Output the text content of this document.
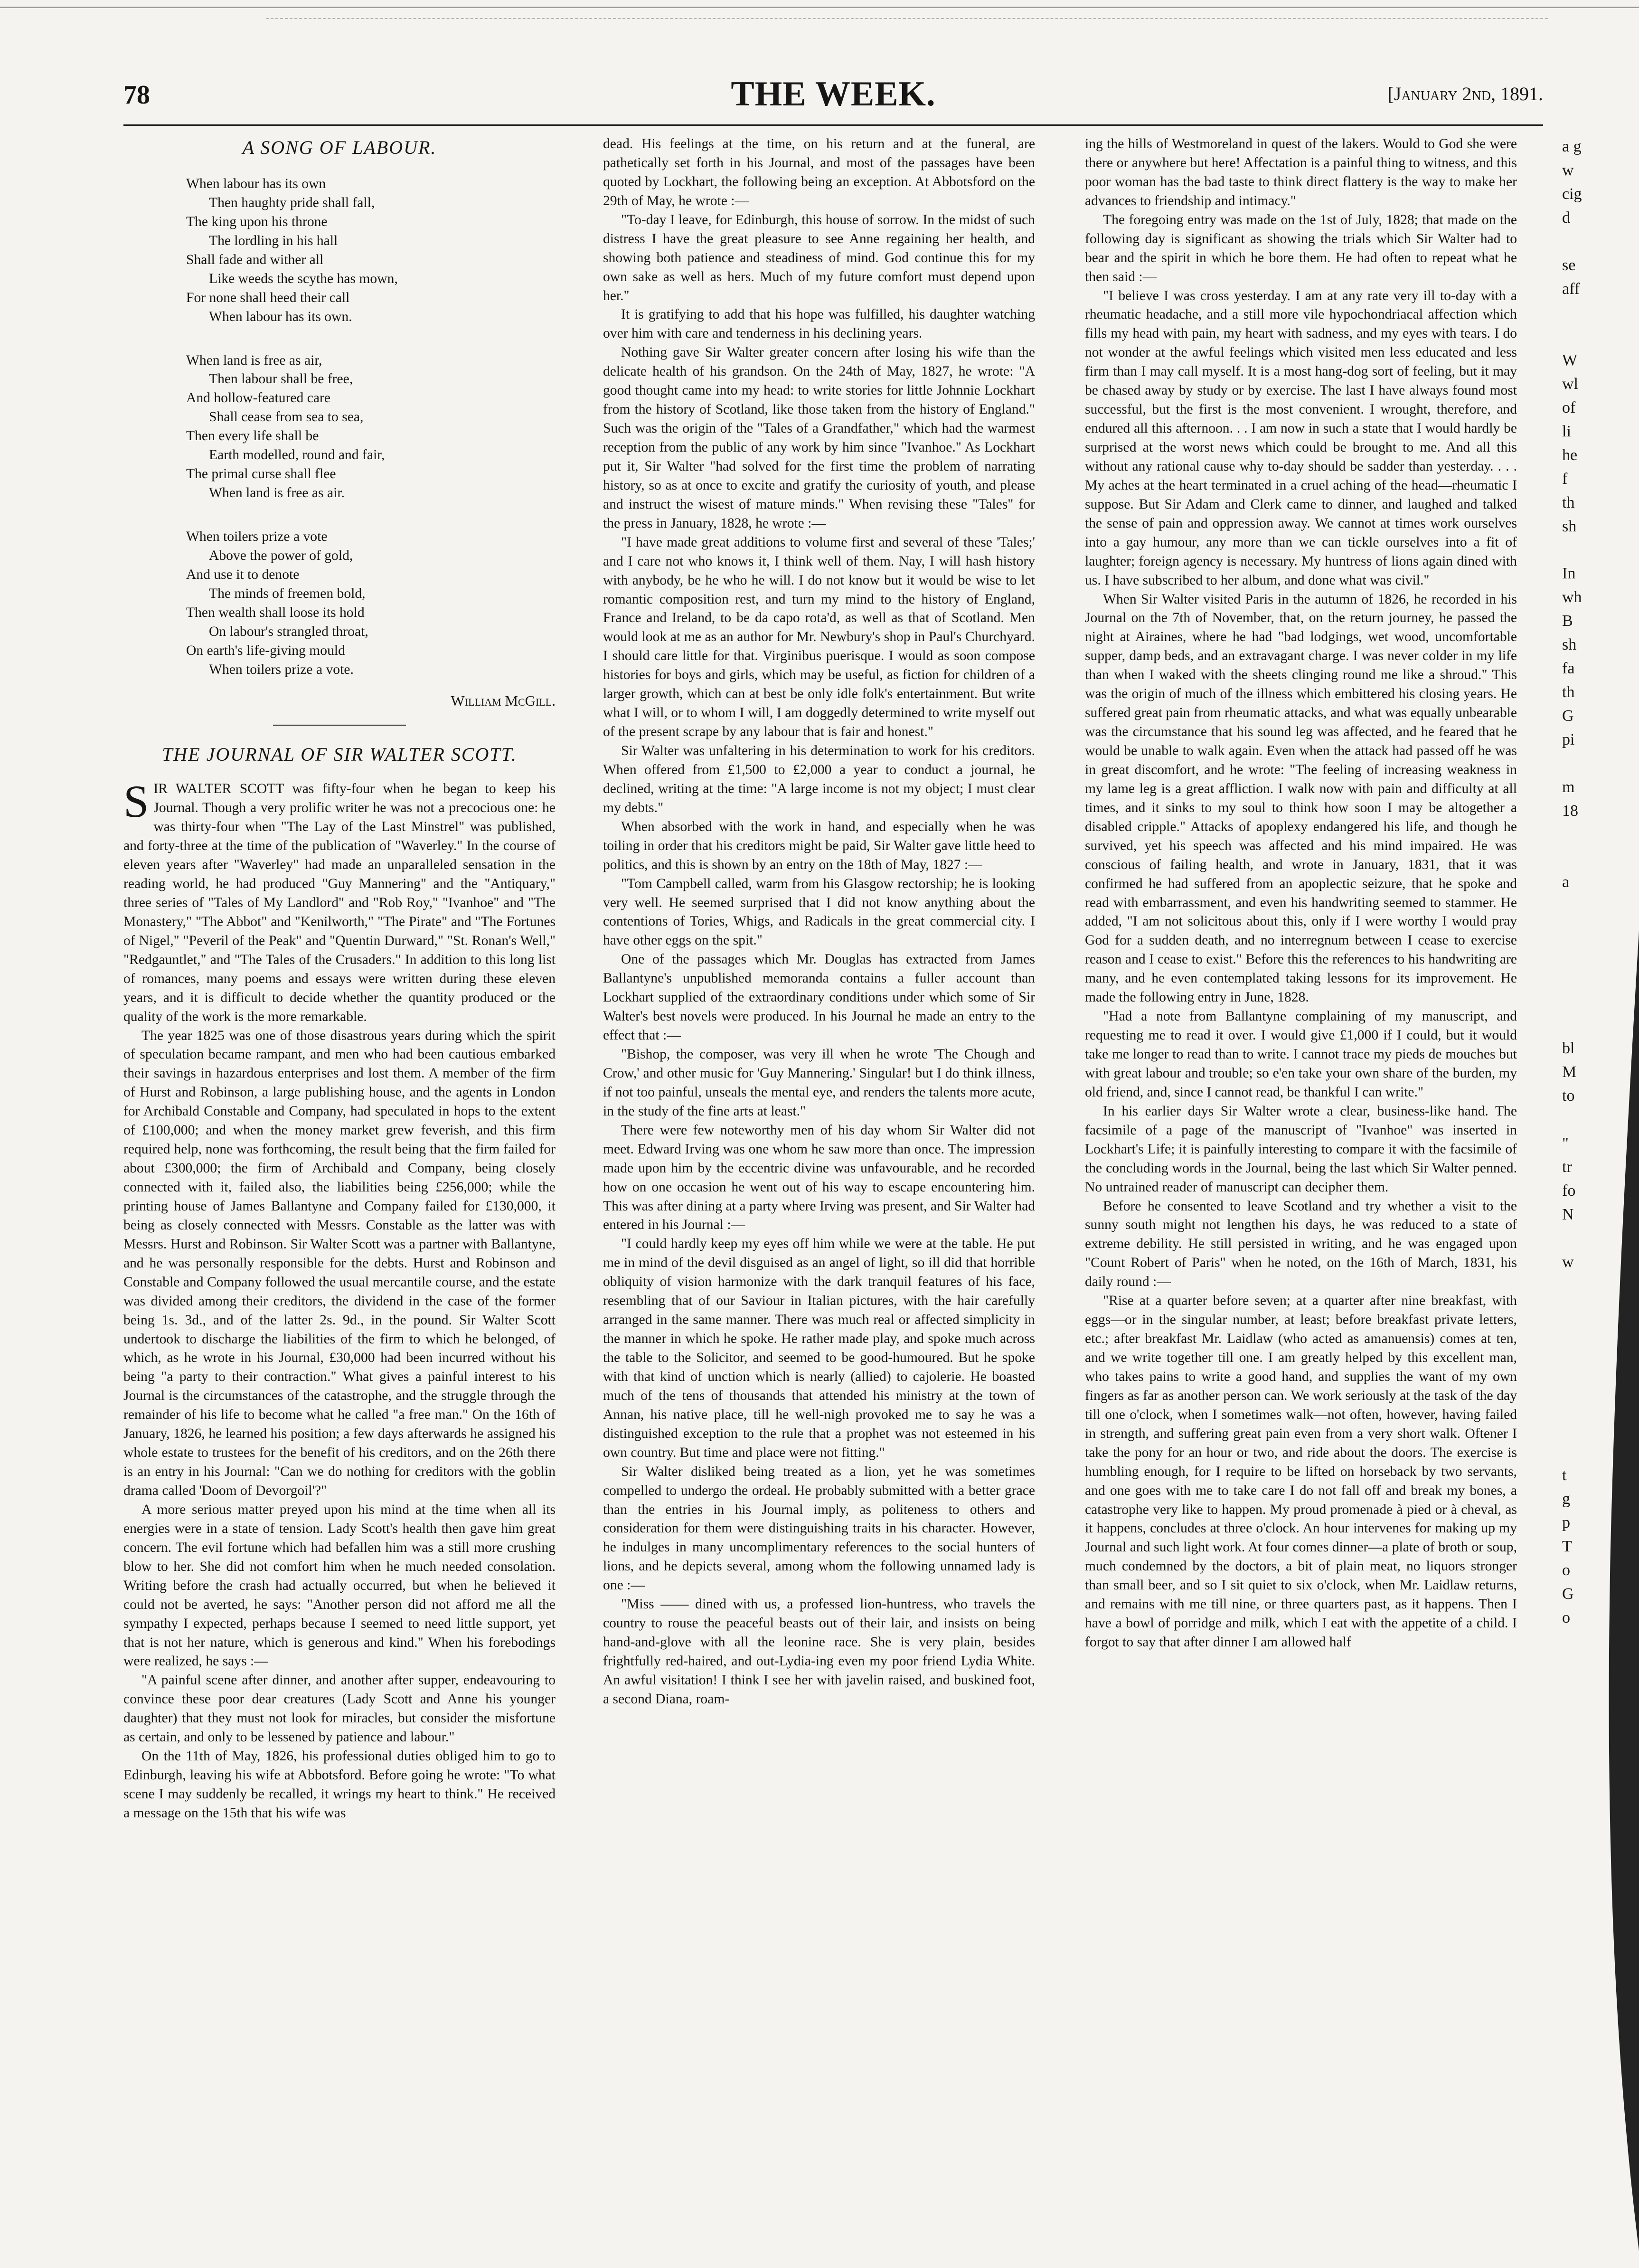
78	THE WEEK.	[January 2nd, 1891.
A SONG OF LABOUR.
When labour has its own
Then haughty pride shall fall,
The king upon his throne
The lordling in his hall
Shall fade and wither all
Like weeds the scythe has mown,
For none shall heed their call
When labour has its own.
When land is free as air,
Then labour shall be free,
And hollow-featured care
Shall cease from sea to sea,
Then every life shall be
Earth modelled, round and fair,
The primal curse shall flee
When land is free as air.
When toilers prize a vote
Above the power of gold,
And use it to denote
The minds of freemen bold,
Then wealth shall loose its hold
On labour's strangled throat,
On earth's life-giving mould
When toilers prize a vote.
William McGill.
THE JOURNAL OF SIR WALTER SCOTT.

SIR WALTER SCOTT was fifty-four when he began to keep his Journal. Though a very prolific writer he was not a precocious one: he was thirty-four when "The Lay of the Last Minstrel" was published, and forty-three at the time of the publication of "Waverley." In the course of eleven years after "Waverley" had made an unparalleled sensation in the reading world, he had produced "Guy Mannering" and the "Antiquary," three series of "Tales of My Landlord" and "Rob Roy," "Ivanhoe" and "The Monastery," "The Abbot" and "Kenilworth," "The Pirate" and "The Fortunes of Nigel," "Peveril of the Peak" and "Quentin Durward," "St. Ronan's Well," "Redgauntlet," and "The Tales of the Crusaders." In addition to this long list of romances, many poems and essays were written during these eleven years, and it is difficult to decide whether the quantity produced or the quality of the work is the more remarkable.

The year 1825 was one of those disastrous years during which the spirit of speculation became rampant, and men who had been cautious embarked their savings in hazardous enterprises and lost them. A member of the firm of Hurst and Robinson, a large publishing house, and the agents in London for Archibald Constable and Company, had speculated in hops to the extent of £100,000; and when the money market grew feverish, and this firm required help, none was forthcoming, the result being that the firm failed for about £300,000; the firm of Archibald and Company, being closely connected with it, failed also, the liabilities being £256,000; while the printing house of James Ballantyne and Company failed for £130,000, it being as closely connected with Messrs. Constable as the latter was with Messrs. Hurst and Robinson. Sir Walter Scott was a partner with Ballantyne, and he was personally responsible for the debts. Hurst and Robinson and Constable and Company followed the usual mercantile course, and the estate was divided among their creditors, the dividend in the case of the former being 1s. 3d., and of the latter 2s. 9d., in the pound. Sir Walter Scott undertook to discharge the liabilities of the firm to which he belonged, of which, as he wrote in his Journal, £30,000 had been incurred without his being "a party to their contraction." What gives a painful interest to his Journal is the circumstances of the catastrophe, and the struggle through the remainder of his life to become what he called "a free man." On the 16th of January, 1826, he learned his position; a few days afterwards he assigned his whole estate to trustees for the benefit of his creditors, and on the 26th there is an entry in his Journal: "Can we do nothing for creditors with the goblin drama called 'Doom of Devorgoil'?"

A more serious matter preyed upon his mind at the time when all its energies were in a state of tension. Lady Scott's health then gave him great concern. The evil fortune which had befallen him was a still more crushing blow to her. She did not comfort him when he much needed consolation. Writing before the crash had actually occurred, but when he believed it could not be averted, he says: "Another person did not afford me all the sympathy I expected, perhaps because I seemed to need little support, yet that is not her nature, which is generous and kind." When his forebodings were realized, he says :—

"A painful scene after dinner, and another after supper, endeavouring to convince these poor dear creatures (Lady Scott and Anne his younger daughter) that they must not look for miracles, but consider the misfortune as certain, and only to be lessened by patience and labour."

On the 11th of May, 1826, his professional duties obliged him to go to Edinburgh, leaving his wife at Abbotsford. Before going he wrote: "To what scene I may suddenly be recalled, it wrings my heart to think." He received a message on the 15th that his wife was

dead. His feelings at the time, on his return and at the funeral, are pathetically set forth in his Journal, and most of the passages have been quoted by Lockhart, the following being an exception. At Abbotsford on the 29th of May, he wrote :—

"To-day I leave, for Edinburgh, this house of sorrow. In the midst of such distress I have the great pleasure to see Anne regaining her health, and showing both patience and steadiness of mind. God continue this for my own sake as well as hers. Much of my future comfort must depend upon her."

It is gratifying to add that his hope was fulfilled, his daughter watching over him with care and tenderness in his declining years.

Nothing gave Sir Walter greater concern after losing his wife than the delicate health of his grandson. On the 24th of May, 1827, he wrote: "A good thought came into my head: to write stories for little Johnnie Lockhart from the history of Scotland, like those taken from the history of England." Such was the origin of the "Tales of a Grandfather," which had the warmest reception from the public of any work by him since "Ivanhoe." As Lockhart put it, Sir Walter "had solved for the first time the problem of narrating history, so as at once to excite and gratify the curiosity of youth, and please and instruct the wisest of mature minds." When revising these "Tales" for the press in January, 1828, he wrote :—

"I have made great additions to volume first and several of these 'Tales;' and I care not who knows it, I think well of them. Nay, I will hash history with anybody, be he who he will. I do not know but it would be wise to let romantic composition rest, and turn my mind to the history of England, France and Ireland, to be da capo rota'd, as well as that of Scotland. Men would look at me as an author for Mr. Newbury's shop in Paul's Churchyard. I should care little for that. Virginibus puerisque. I would as soon compose histories for boys and girls, which may be useful, as fiction for children of a larger growth, which can at best be only idle folk's entertainment. But write what I will, or to whom I will, I am doggedly determined to write myself out of the present scrape by any labour that is fair and honest."

Sir Walter was unfaltering in his determination to work for his creditors. When offered from £1,500 to £2,000 a year to conduct a journal, he declined, writing at the time: "A large income is not my object; I must clear my debts."

When absorbed with the work in hand, and especially when he was toiling in order that his creditors might be paid, Sir Walter gave little heed to politics, and this is shown by an entry on the 18th of May, 1827 :—

"Tom Campbell called, warm from his Glasgow rectorship; he is looking very well. He seemed surprised that I did not know anything about the contentions of Tories, Whigs, and Radicals in the great commercial city. I have other eggs on the spit."

One of the passages which Mr. Douglas has extracted from James Ballantyne's unpublished memoranda contains a fuller account than Lockhart supplied of the extraordinary conditions under which some of Sir Walter's best novels were produced. In his Journal he made an entry to the effect that :—

"Bishop, the composer, was very ill when he wrote 'The Chough and Crow,' and other music for 'Guy Mannering.' Singular! but I do think illness, if not too painful, unseals the mental eye, and renders the talents more acute, in the study of the fine arts at least."

There were few noteworthy men of his day whom Sir Walter did not meet. Edward Irving was one whom he saw more than once. The impression made upon him by the eccentric divine was unfavourable, and he recorded how on one occasion he went out of his way to escape encountering him. This was after dining at a party where Irving was present, and Sir Walter had entered in his Journal :—

"I could hardly keep my eyes off him while we were at the table. He put me in mind of the devil disguised as an angel of light, so ill did that horrible obliquity of vision harmonize with the dark tranquil features of his face, resembling that of our Saviour in Italian pictures, with the hair carefully arranged in the same manner. There was much real or affected simplicity in the manner in which he spoke. He rather made play, and spoke much across the table to the Solicitor, and seemed to be good-humoured. But he spoke with that kind of unction which is nearly (allied) to cajolerie. He boasted much of the tens of thousands that attended his ministry at the town of Annan, his native place, till he well-nigh provoked me to say he was a distinguished exception to the rule that a prophet was not esteemed in his own country. But time and place were not fitting."

Sir Walter disliked being treated as a lion, yet he was sometimes compelled to undergo the ordeal. He probably submitted with a better grace than the entries in his Journal imply, as politeness to others and consideration for them were distinguishing traits in his character. However, he indulges in many uncomplimentary references to the social hunters of lions, and he depicts several, among whom the following unnamed lady is one :—

"Miss —— dined with us, a professed lion-huntress, who travels the country to rouse the peaceful beasts out of their lair, and insists on being hand-and-glove with all the leonine race. She is very plain, besides frightfully red-haired, and out-Lydia-ing even my poor friend Lydia White. An awful visitation! I think I see her with javelin raised, and buskined foot, a second Diana, roam-

ing the hills of Westmoreland in quest of the lakers. Would to God she were there or anywhere but here! Affectation is a painful thing to witness, and this poor woman has the bad taste to think direct flattery is the way to make her advances to friendship and intimacy."

The foregoing entry was made on the 1st of July, 1828; that made on the following day is significant as showing the trials which Sir Walter had to bear and the spirit in which he bore them. He had often to repeat what he then said :—

"I believe I was cross yesterday. I am at any rate very ill to-day with a rheumatic headache, and a still more vile hypochondriacal affection which fills my head with pain, my heart with sadness, and my eyes with tears. I do not wonder at the awful feelings which visited men less educated and less firm than I may call myself. It is a most hang-dog sort of feeling, but it may be chased away by study or by exercise. The last I have always found most successful, but the first is the most convenient. I wrought, therefore, and endured all this afternoon. . . I am now in such a state that I would hardly be surprised at the worst news which could be brought to me. And all this without any rational cause why to-day should be sadder than yesterday. . . . My aches at the heart terminated in a cruel aching of the head—rheumatic I suppose. But Sir Adam and Clerk came to dinner, and laughed and talked the sense of pain and oppression away. We cannot at times work ourselves into a gay humour, any more than we can tickle ourselves into a fit of laughter; foreign agency is necessary. My huntress of lions again dined with us. I have subscribed to her album, and done what was civil."

When Sir Walter visited Paris in the autumn of 1826, he recorded in his Journal on the 7th of November, that, on the return journey, he passed the night at Airaines, where he had "bad lodgings, wet wood, uncomfortable supper, damp beds, and an extravagant charge. I was never colder in my life than when I waked with the sheets clinging round me like a shroud." This was the origin of much of the illness which embittered his closing years. He suffered great pain from rheumatic attacks, and what was equally unbearable was the circumstance that his sound leg was affected, and he feared that he would be unable to walk again. Even when the attack had passed off he was in great discomfort, and he wrote: "The feeling of increasing weakness in my lame leg is a great affliction. I walk now with pain and difficulty at all times, and it sinks to my soul to think how soon I may be altogether a disabled cripple." Attacks of apoplexy endangered his life, and though he survived, yet his speech was affected and his mind impaired. He was conscious of failing health, and wrote in January, 1831, that it was confirmed he had suffered from an apoplectic seizure, that he spoke and read with embarrassment, and even his handwriting seemed to stammer. He added, "I am not solicitous about this, only if I were worthy I would pray God for a sudden death, and no interregnum between I cease to exercise reason and I cease to exist." Before this the references to his handwriting are many, and he even contemplated taking lessons for its improvement. He made the following entry in June, 1828.

"Had a note from Ballantyne complaining of my manuscript, and requesting me to read it over. I would give £1,000 if I could, but it would take me longer to read than to write. I cannot trace my pieds de mouches but with great labour and trouble; so e'en take your own share of the burden, my old friend, and, since I cannot read, be thankful I can write."

In his earlier days Sir Walter wrote a clear, business-like hand. The facsimile of a page of the manuscript of "Ivanhoe" was inserted in Lockhart's Life; it is painfully interesting to compare it with the facsimile of the concluding words in the Journal, being the last which Sir Walter penned. No untrained reader of manuscript can decipher them.

Before he consented to leave Scotland and try whether a visit to the sunny south might not lengthen his days, he was reduced to a state of extreme debility. He still persisted in writing, and he was engaged upon "Count Robert of Paris" when he noted, on the 16th of March, 1831, his daily round :—

"Rise at a quarter before seven; at a quarter after nine breakfast, with eggs—or in the singular number, at least; before breakfast private letters, etc.; after breakfast Mr. Laidlaw (who acted as amanuensis) comes at ten, and we write together till one. I am greatly helped by this excellent man, who takes pains to write a good hand, and supplies the want of my own fingers as far as another person can. We work seriously at the task of the day till one o'clock, when I sometimes walk—not often, however, having failed in strength, and suffering great pain even from a very short walk. Oftener I take the pony for an hour or two, and ride about the doors. The exercise is humbling enough, for I require to be lifted on horseback by two servants, and one goes with me to take care I do not fall off and break my bones, a catastrophe very like to happen. My proud promenade à pied or à cheval, as it happens, concludes at three o'clock. An hour intervenes for making up my Journal and such light work. At four comes dinner—a plate of broth or soup, much condemned by the doctors, a bit of plain meat, no liquors stronger than small beer, and so I sit quiet to six o'clock, when Mr. Laidlaw returns, and remains with me till nine, or three quarters past, as it happens. Then I have a bowl of porridge and milk, which I eat with the appetite of a child. I forgot to say that after dinner I am allowed half

a g
w
cig
d

se
aff

W
wl
of
li
he
f
th
sh

In
wh
B
sh
fa
th
G
pi

m
18

a

bl
M
to

"
tr
fo
N

w

t
g
p
T
o
G
o
